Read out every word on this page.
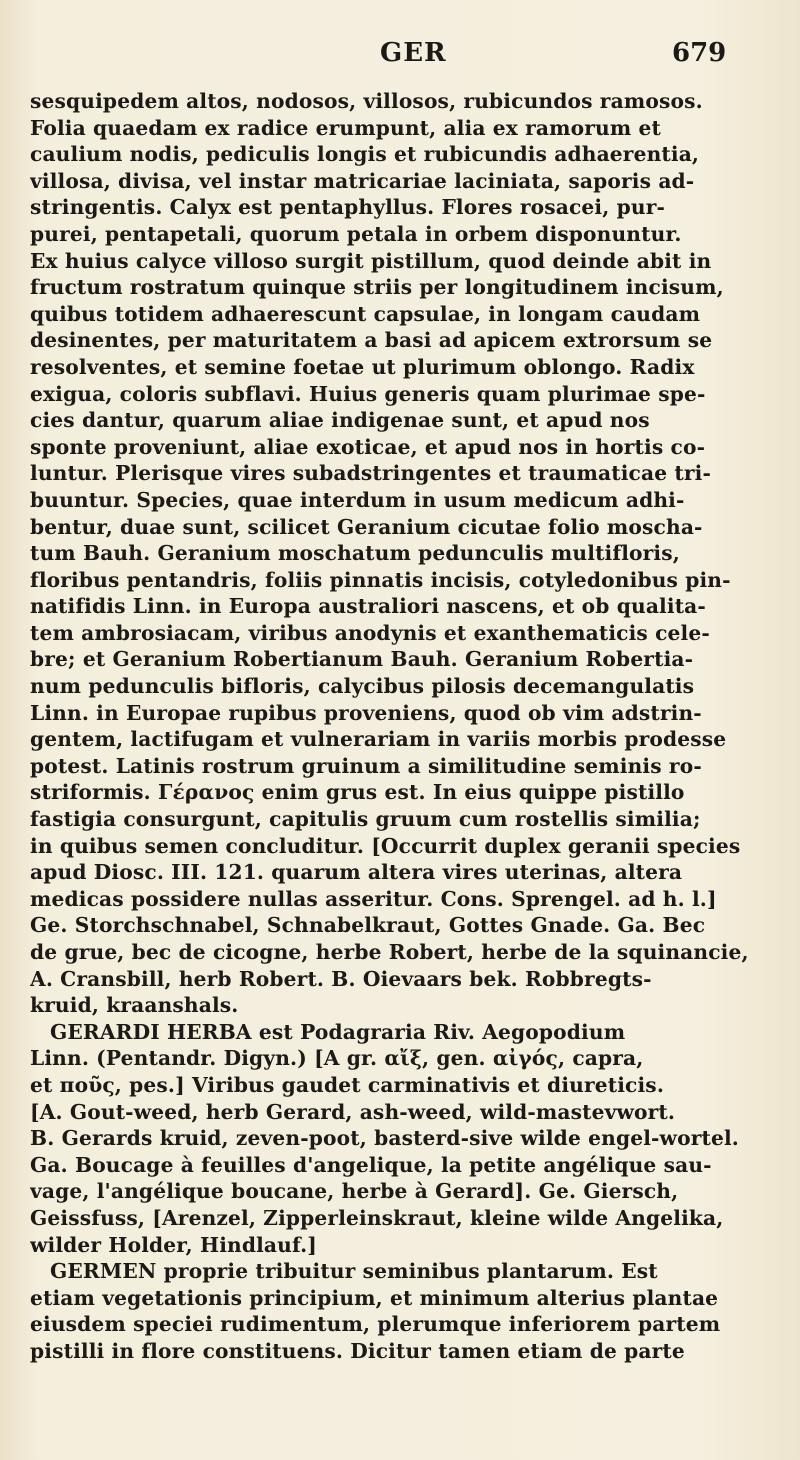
GER	679
sesquipedem altos, nodosos, villosos, rubicundos ramosos.
Folia quaedam ex radice erumpunt, alia ex ramorum et
caulium nodis, pediculis longis et rubicundis adhaerentia,
villosa, divisa, vel instar matricariae laciniata, saporis ad-
stringentis. Calyx est pentaphyllus. Flores rosacei, pur-
purei, pentapetali, quorum petala in orbem disponuntur.
Ex huius calyce villoso surgit pistillum, quod deinde abit in
fructum rostratum quinque striis per longitudinem incisum,
quibus totidem adhaerescunt capsulae, in longam caudam
desinentes, per maturitatem a basi ad apicem extrorsum se
resolventes, et semine foetae ut plurimum oblongo. Radix
exigua, coloris subflavi. Huius generis quam plurimae spe-
cies dantur, quarum aliae indigenae sunt, et apud nos
sponte proveniunt, aliae exoticae, et apud nos in hortis co-
luntur. Plerisque vires subadstringentes et traumaticae tri-
buuntur. Species, quae interdum in usum medicum adhi-
bentur, duae sunt, scilicet Geranium cicutae folio moscha-
tum Bauh. Geranium moschatum pedunculis multifloris,
floribus pentandris, foliis pinnatis incisis, cotyledonibus pin-
natifidis Linn. in Europa australiori nascens, et ob qualita-
tem ambrosiacam, viribus anodynis et exanthematicis cele-
bre; et Geranium Robertianum Bauh. Geranium Robertia-
num pedunculis bifloris, calycibus pilosis decemangulatis
Linn. in Europae rupibus proveniens, quod ob vim adstrin-
gentem, lactifugam et vulnerariam in variis morbis prodesse
potest. Latinis rostrum gruinum a similitudine seminis ro-
striformis. Γέρανος enim grus est. In eius quippe pistillo
fastigia consurgunt, capitulis gruum cum rostellis similia;
in quibus semen concluditur. [Occurrit duplex geranii species
apud Diosc. III. 121. quarum altera vires uterinas, altera
medicas possidere nullas asseritur. Cons. Sprengel. ad h. l.]
Ge. Storchschnabel, Schnabelkraut, Gottes Gnade. Ga. Bec
de grue, bec de cicogne, herbe Robert, herbe de la squinancie,
A. Cransbill, herb Robert. B. Oievaars bek. Robbregts-
kruid, kraanshals.
GERARDI HERBA est Podagraria Riv. Aegopodium
Linn. (Pentandr. Digyn.) [A gr. αἴξ, gen. αἰγός, capra,
et ποῦς, pes.] Viribus gaudet carminativis et diureticis.
[A. Gout-weed, herb Gerard, ash-weed, wild-mastevwort.
B. Gerards kruid, zeven-poot, basterd-sive wilde engel-wortel.
Ga. Boucage à feuilles d'angelique, la petite angélique sau-
vage, l'angélique boucane, herbe à Gerard]. Ge. Giersch,
Geissfuss, [Arenzel, Zipperleinskraut, kleine wilde Angelika,
wilder Holder, Hindlauf.]
GERMEN proprie tribuitur seminibus plantarum. Est
etiam vegetationis principium, et minimum alterius plantae
eiusdem speciei rudimentum, plerumque inferiorem partem
pistilli in flore constituens. Dicitur tamen etiam de parte
